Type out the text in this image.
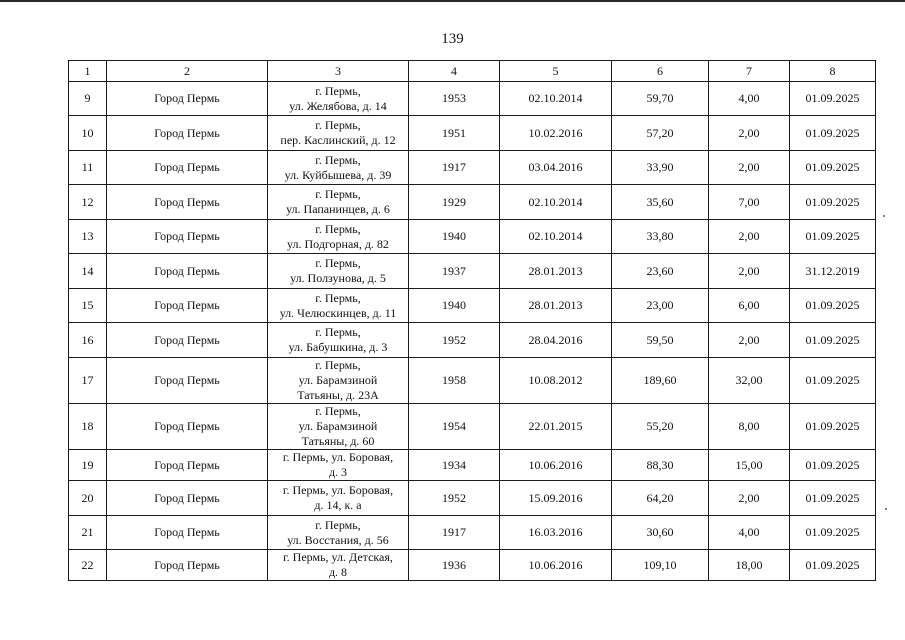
139
1	2	3	4	5	6	7	8
9	Город Пермь	г. Пермь,
ул. Желябова, д. 14	1953	02.10.2014	59,70	4,00	01.09.2025
10	Город Пермь	г. Пермь,
пер. Каслинский, д. 12	1951	10.02.2016	57,20	2,00	01.09.2025
11	Город Пермь	г. Пермь,
ул. Куйбышева, д. 39	1917	03.04.2016	33,90	2,00	01.09.2025
12	Город Пермь	г. Пермь,
ул. Папанинцев, д. 6	1929	02.10.2014	35,60	7,00	01.09.2025
13	Город Пермь	г. Пермь,
ул. Подгорная, д. 82	1940	02.10.2014	33,80	2,00	01.09.2025
14	Город Пермь	г. Пермь,
ул. Ползунова, д. 5	1937	28.01.2013	23,60	2,00	31.12.2019
15	Город Пермь	г. Пермь,
ул. Челюскинцев, д. 11	1940	28.01.2013	23,00	6,00	01.09.2025
16	Город Пермь	г. Пермь,
ул. Бабушкина, д. 3	1952	28.04.2016	59,50	2,00	01.09.2025
17	Город Пермь	г. Пермь,
ул. Барамзиной
Татьяны, д. 23А	1958	10.08.2012	189,60	32,00	01.09.2025
18	Город Пермь	г. Пермь,
ул. Барамзиной
Татьяны, д. 60	1954	22.01.2015	55,20	8,00	01.09.2025
19	Город Пермь	г. Пермь, ул. Боровая,
д. 3	1934	10.06.2016	88,30	15,00	01.09.2025
20	Город Пермь	г. Пермь, ул. Боровая,
д. 14, к. а	1952	15.09.2016	64,20	2,00	01.09.2025
21	Город Пермь	г. Пермь,
ул. Восстания, д. 56	1917	16.03.2016	30,60	4,00	01.09.2025
22	Город Пермь	г. Пермь, ул. Детская,
д. 8	1936	10.06.2016	109,10	18,00	01.09.2025
